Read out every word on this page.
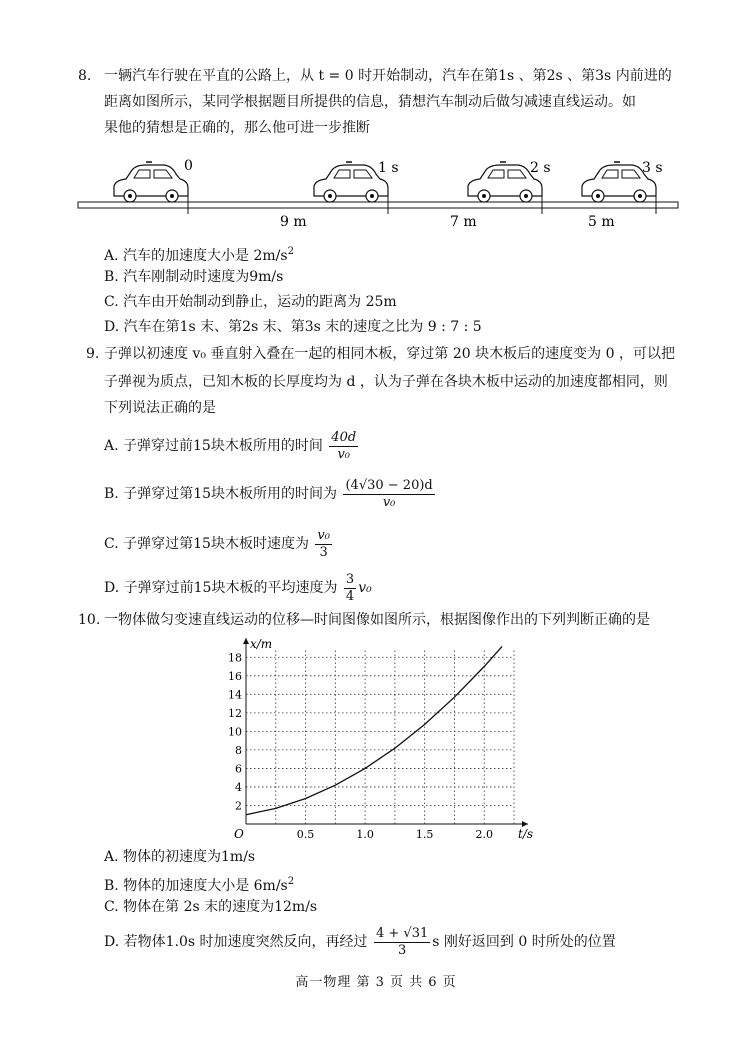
8. 一辆汽车行驶在平直的公路上，从 t = 0 时开始制动，汽车在第1s 、第2s 、第3s 内前进的
距离如图所示，某同学根据题目所提供的信息，猜想汽车制动后做匀减速直线运动。如
果他的猜想是正确的，那么他可进一步推断
0	1 s	2 s	3 s
9 m	7 m	5 m
A. 汽车的加速度大小是 $2m/s^2$
B. 汽车刚制动时速度为9m/s
C. 汽车由开始制动到静止，运动的距离为 25m
D. 汽车在第1s 末、第2s 末、第3s 末的速度之比为 9 : 7 : 5
9. 子弹以初速度 v₀ 垂直射入叠在一起的相同木板，穿过第 20 块木板后的速度变为 0 ，可以把
子弹视为质点，已知木板的长厚度均为 d ，认为子弹在各块木板中运动的加速度都相同，则
下列说法正确的是
A. 子弹穿过前15块木板所用的时间 $\frac{40d}{\text{v₀}}$
B. 子弹穿过第15块木板所用的时间为 $\frac{(4√30 - 20)d}{\text{v₀}}$
C. 子弹穿过第15块木板时速度为 $\frac{\text{v₀}}{3}$
D. 子弹穿过前15块木板的平均速度为 $\frac{3}{4} v_0$
10. 一物体做匀变速直线运动的位移—时间图像如图所示，根据图像作出的下列判断正确的是
2
4
6
8
10
12
14
16
18
0.5	1.0	1.5	2.0
O	t/s
x/m
A. 物体的初速度为1m/s
B. 物体的加速度大小是 $6m/s^2$
C. 物体在第 2s 末的速度为12m/s
D. 若物体1.0s 时加速度突然反向，再经过 $\frac{4 + √31}{3}$ s 刚好返回到 0 时所处的位置
高一物理 第 3 页 共 6 页
